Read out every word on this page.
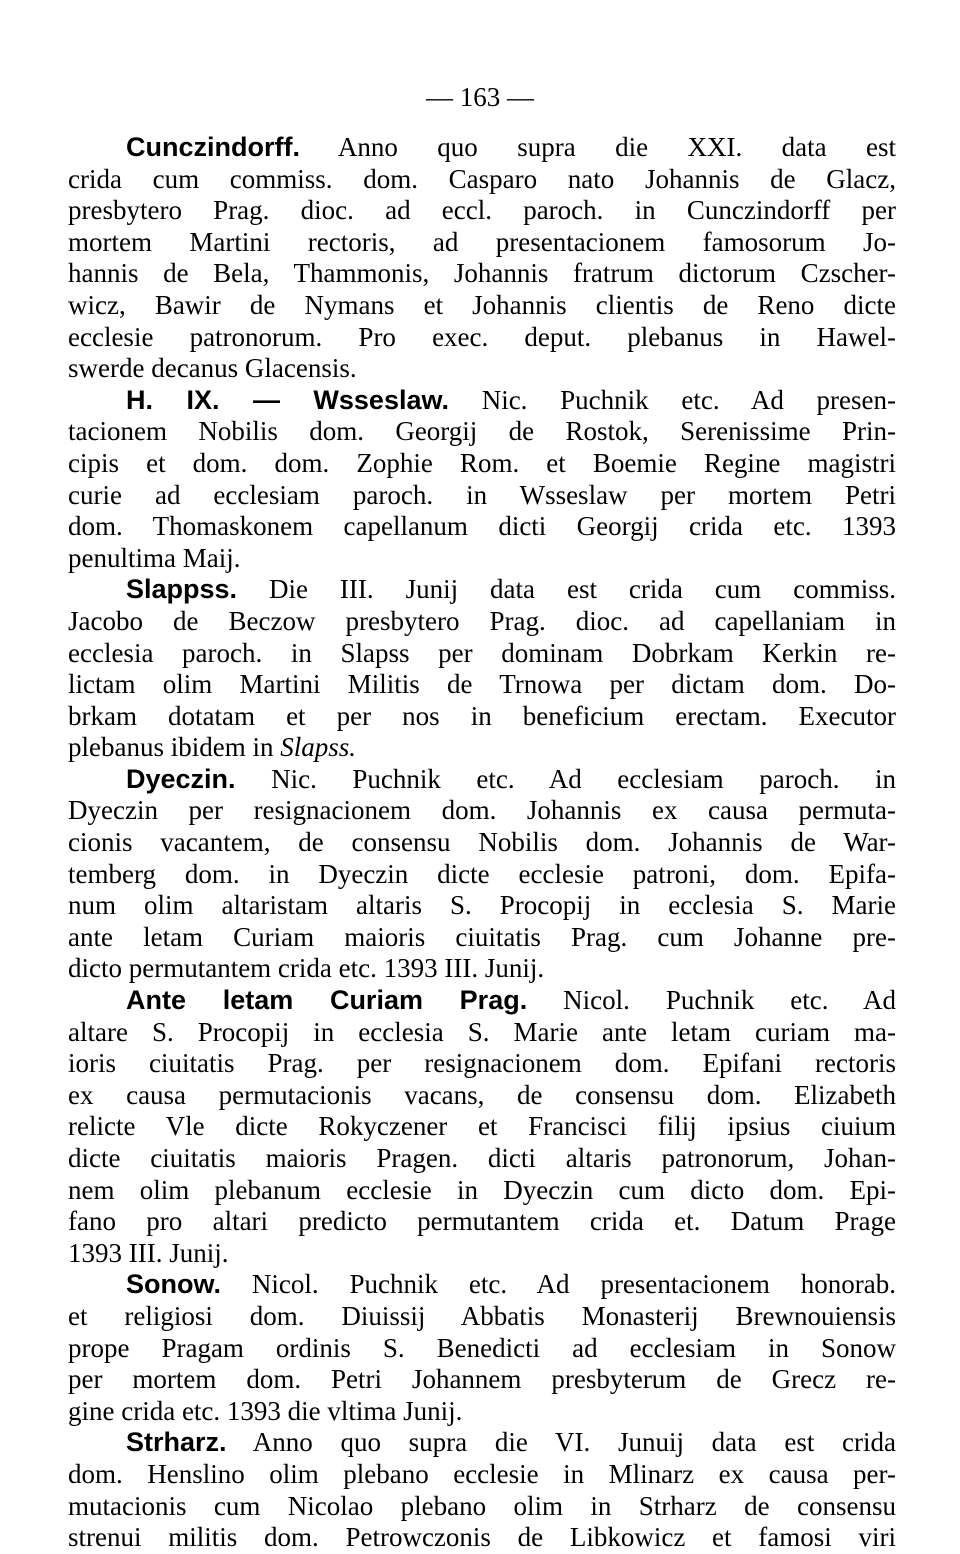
— 163 —
Cunczindorff. Anno quo supra die XXI. data est
crida cum commiss. dom. Casparo nato Johannis de Glacz,
presbytero Prag. dioc. ad eccl. paroch. in Cunczindorff per
mortem Martini rectoris, ad presentacionem famosorum Jo-
hannis de Bela, Thammonis, Johannis fratrum dictorum Czscher-
wicz, Bawir de Nymans et Johannis clientis de Reno dicte
ecclesie patronorum. Pro exec. deput. plebanus in Hawel-
swerde decanus Glacensis.
H. IX. — Wsseslaw. Nic. Puchnik etc. Ad presen-
tacionem Nobilis dom. Georgij de Rostok, Serenissime Prin-
cipis et dom. dom. Zophie Rom. et Boemie Regine magistri
curie ad ecclesiam paroch. in Wsseslaw per mortem Petri
dom. Thomaskonem capellanum dicti Georgij crida etc. 1393
penultima Maij.
Slappss. Die III. Junij data est crida cum commiss.
Jacobo de Beczow presbytero Prag. dioc. ad capellaniam in
ecclesia paroch. in Slapss per dominam Dobrkam Kerkin re-
lictam olim Martini Militis de Trnowa per dictam dom. Do-
brkam dotatam et per nos in beneficium erectam. Executor
plebanus ibidem in Slapss.
Dyeczin. Nic. Puchnik etc. Ad ecclesiam paroch. in
Dyeczin per resignacionem dom. Johannis ex causa permuta-
cionis vacantem, de consensu Nobilis dom. Johannis de War-
temberg dom. in Dyeczin dicte ecclesie patroni, dom. Epifa-
num olim altaristam altaris S. Procopij in ecclesia S. Marie
ante letam Curiam maioris ciuitatis Prag. cum Johanne pre-
dicto permutantem crida etc. 1393 III. Junij.
Ante letam Curiam Prag. Nicol. Puchnik etc. Ad
altare S. Procopij in ecclesia S. Marie ante letam curiam ma-
ioris ciuitatis Prag. per resignacionem dom. Epifani rectoris
ex causa permutacionis vacans, de consensu dom. Elizabeth
relicte Vle dicte Rokyczener et Francisci filij ipsius ciuium
dicte ciuitatis maioris Pragen. dicti altaris patronorum, Johan-
nem olim plebanum ecclesie in Dyeczin cum dicto dom. Epi-
fano pro altari predicto permutantem crida et. Datum Prage
1393 III. Junij.
Sonow. Nicol. Puchnik etc. Ad presentacionem honorab.
et religiosi dom. Diuissij Abbatis Monasterij Brewnouiensis
prope Pragam ordinis S. Benedicti ad ecclesiam in Sonow
per mortem dom. Petri Johannem presbyterum de Grecz re-
gine crida etc. 1393 die vltima Junij.
Strharz. Anno quo supra die VI. Junuij data est crida
dom. Henslino olim plebano ecclesie in Mlinarz ex causa per-
mutacionis cum Nicolao plebano olim in Strharz de consensu
strenui militis dom. Petrowczonis de Libkowicz et famosi viri
